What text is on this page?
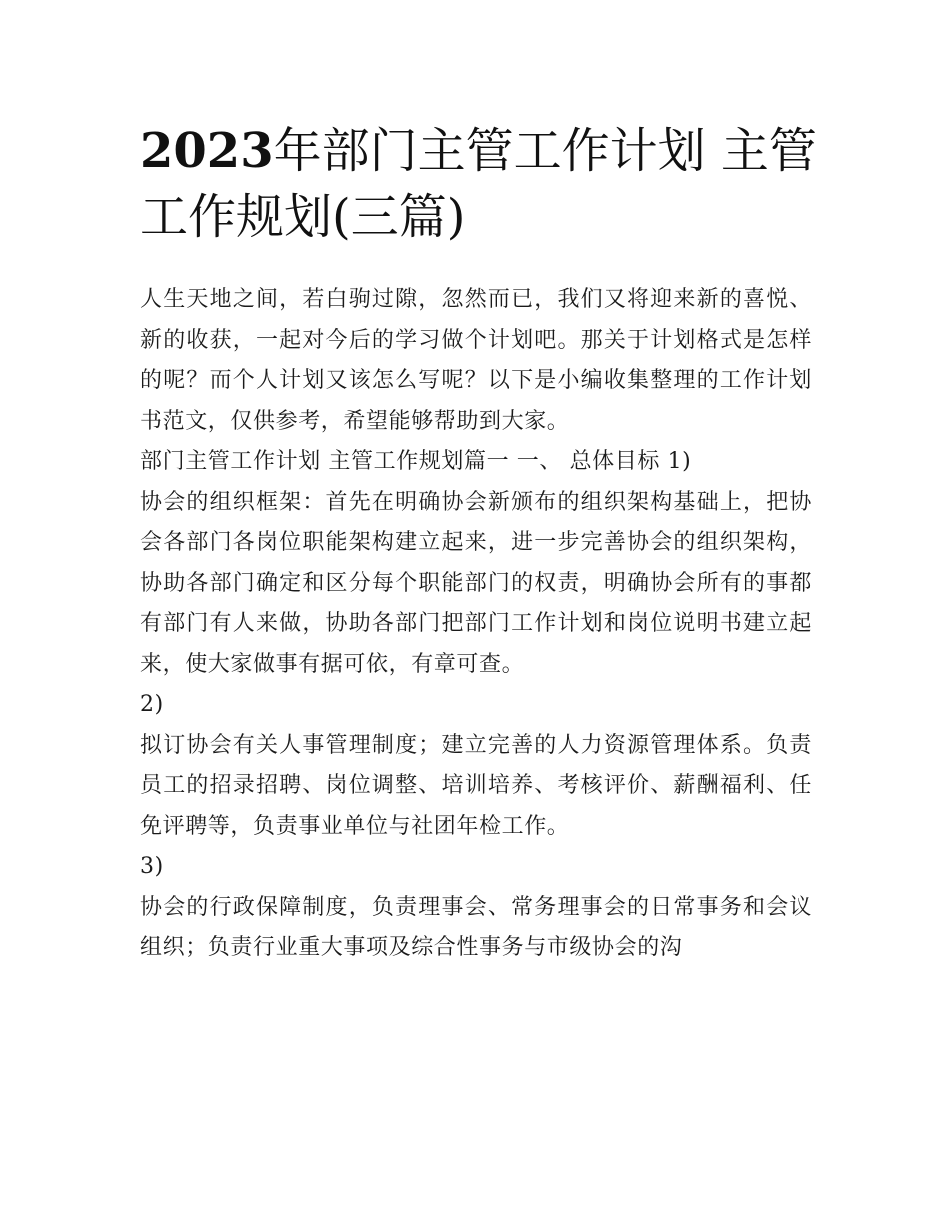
2023年部门主管工作计划 主管工作规划(三篇)

人生天地之间，若白驹过隙，忽然而已，我们又将迎来新的喜悦、新的收获，一起对今后的学习做个计划吧。那关于计划格式是怎样的呢？而个人计划又该怎么写呢？以下是小编收集整理的工作计划书范文，仅供参考，希望能够帮助到大家。

部门主管工作计划 主管工作规划篇一 一、 总体目标 1)

协会的组织框架：首先在明确协会新颁布的组织架构基础上，把协会各部门各岗位职能架构建立起来，进一步完善协会的组织架构，协助各部门确定和区分每个职能部门的权责，明确协会所有的事都有部门有人来做，协助各部门把部门工作计划和岗位说明书建立起来，使大家做事有据可依，有章可查。

2)

拟订协会有关人事管理制度；建立完善的人力资源管理体系。负责员工的招录招聘、岗位调整、培训培养、考核评价、薪酬福利、任免评聘等，负责事业单位与社团年检工作。

3)

协会的行政保障制度，负责理事会、常务理事会的日常事务和会议组织；负责行业重大事项及综合性事务与市级协会的沟
